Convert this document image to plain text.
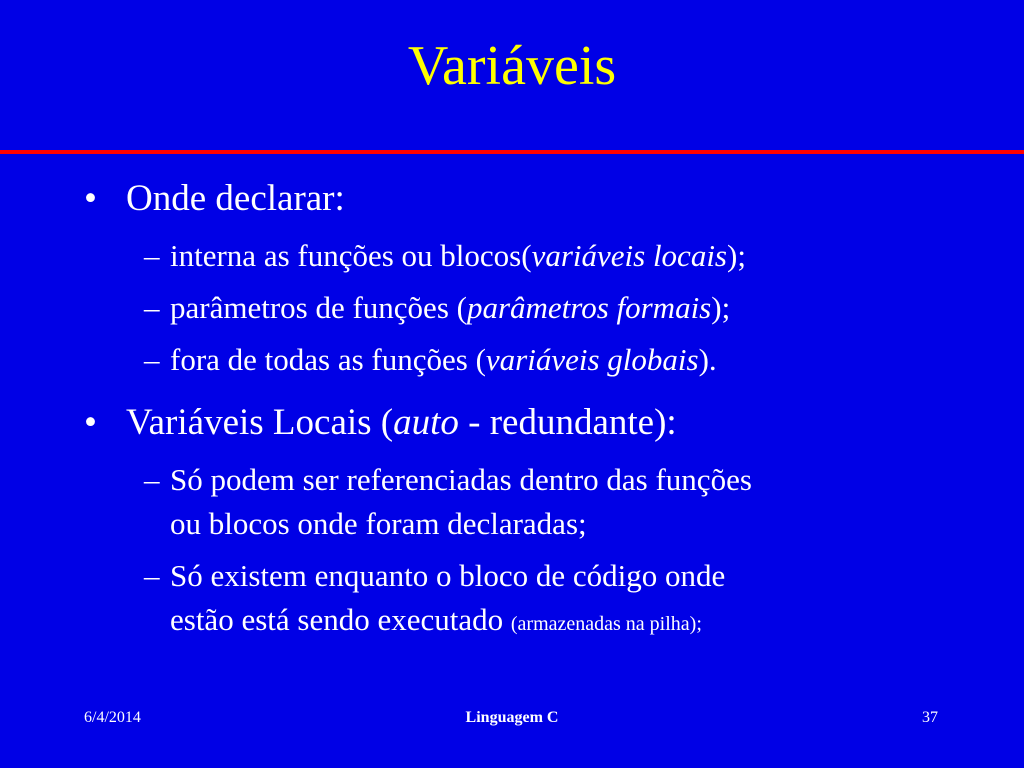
Variáveis
• Onde declarar:
– interna as funções ou blocos(variáveis locais);
– parâmetros de funções (parâmetros formais);
– fora de todas as funções (variáveis globais).
• Variáveis Locais (auto - redundante):
– Só podem ser referenciadas dentro das funções
ou blocos onde foram declaradas;
– Só existem enquanto o bloco de código onde
estão está sendo executado (armazenadas na pilha);
6/4/2014	Linguagem C	37
